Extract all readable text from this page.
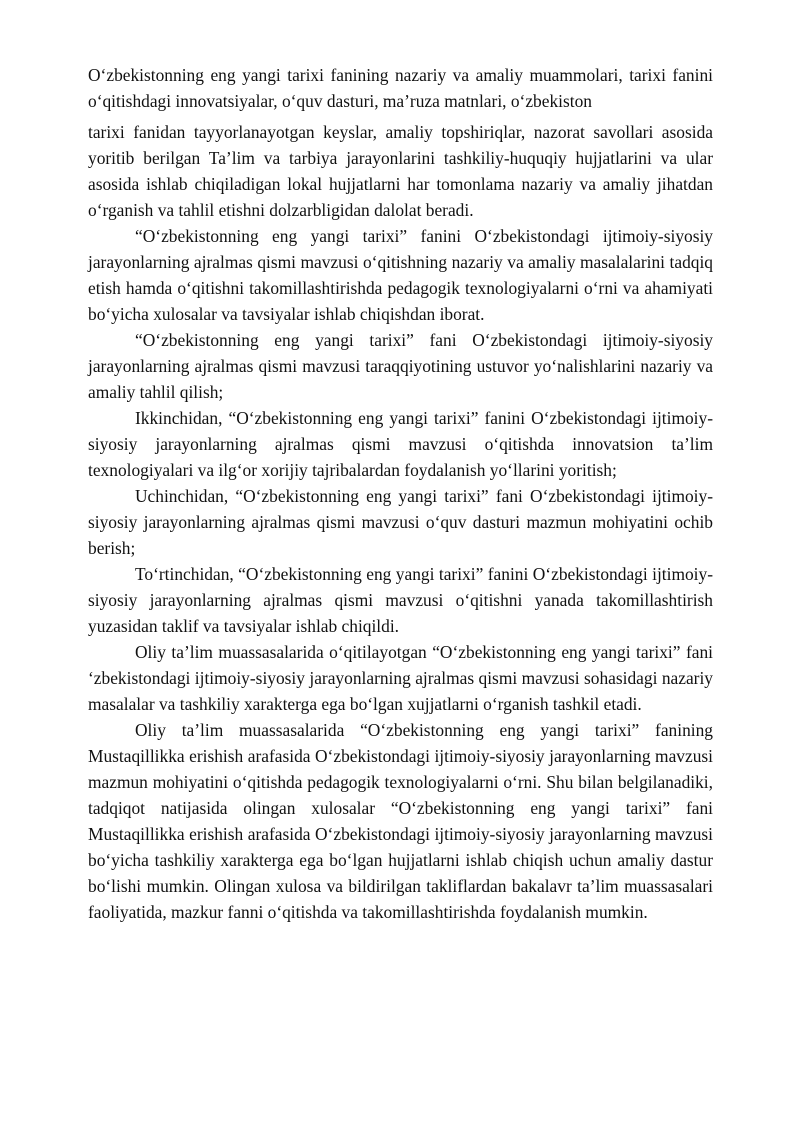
O‘zbekistonning eng yangi tarixi fanining nazariy va amaliy muammolari, tarixi fanini o‘qitishdagi innovatsiyalar, o‘quv dasturi, ma’ruza matnlari, o‘zbekiston

tarixi fanidan tayyorlanayotgan keyslar, amaliy topshiriqlar, nazorat savollari asosida yoritib berilgan Ta’lim va tarbiya jarayonlarini tashkiliy-huquqiy hujjatlarini va ular asosida ishlab chiqiladigan lokal hujjatlarni har tomonlama nazariy va amaliy jihatdan o‘rganish va tahlil etishni dolzarbligidan dalolat beradi.

“O‘zbekistonning eng yangi tarixi” fanini O‘zbekistondagi ijtimoiy-siyosiy jarayonlarning ajralmas qismi mavzusi o‘qitishning nazariy va amaliy masalalarini tadqiq etish hamda o‘qitishni takomillashtirishda pedagogik texnologiyalarni o‘rni va ahamiyati bo‘yicha xulosalar va tavsiyalar ishlab chiqishdan iborat.

“O‘zbekistonning eng yangi tarixi” fani O‘zbekistondagi ijtimoiy-siyosiy jarayonlarning ajralmas qismi mavzusi taraqqiyotining ustuvor yo‘nalishlarini nazariy va amaliy tahlil qilish;

Ikkinchidan, “O‘zbekistonning eng yangi tarixi” fanini O‘zbekistondagi ijtimoiy-siyosiy jarayonlarning ajralmas qismi mavzusi o‘qitishda innovatsion ta’lim texnologiyalari va ilg‘or xorijiy tajribalardan foydalanish yo‘llarini yoritish;

Uchinchidan, “O‘zbekistonning eng yangi tarixi” fani O‘zbekistondagi ijtimoiy-siyosiy jarayonlarning ajralmas qismi mavzusi o‘quv dasturi mazmun mohiyatini ochib berish;

To‘rtinchidan, “O‘zbekistonning eng yangi tarixi” fanini O‘zbekistondagi ijtimoiy-siyosiy jarayonlarning ajralmas qismi mavzusi o‘qitishni yanada takomillashtirish yuzasidan taklif va tavsiyalar ishlab chiqildi.

Oliy ta’lim muassasalarida o‘qitilayotgan “O‘zbekistonning eng yangi tarixi” fani ‘zbekistondagi ijtimoiy-siyosiy jarayonlarning ajralmas qismi mavzusi sohasidagi nazariy masalalar va tashkiliy xarakterga ega bo‘lgan xujjatlarni o‘rganish tashkil etadi.

Oliy ta’lim muassasalarida “O‘zbekistonning eng yangi tarixi” fanining Mustaqillikka erishish arafasida O‘zbekistondagi ijtimoiy-siyosiy jarayonlarning mavzusi mazmun mohiyatini o‘qitishda pedagogik texnologiyalarni o‘rni. Shu bilan belgilanadiki, tadqiqot natijasida olingan xulosalar “O‘zbekistonning eng yangi tarixi” fani Mustaqillikka erishish arafasida O‘zbekistondagi ijtimoiy-siyosiy jarayonlarning mavzusi bo‘yicha tashkiliy xarakterga ega bo‘lgan hujjatlarni ishlab chiqish uchun amaliy dastur bo‘lishi mumkin. Olingan xulosa va bildirilgan takliflardan bakalavr ta’lim muassasalari faoliyatida, mazkur fanni o‘qitishda va takomillashtirishda foydalanish mumkin.
